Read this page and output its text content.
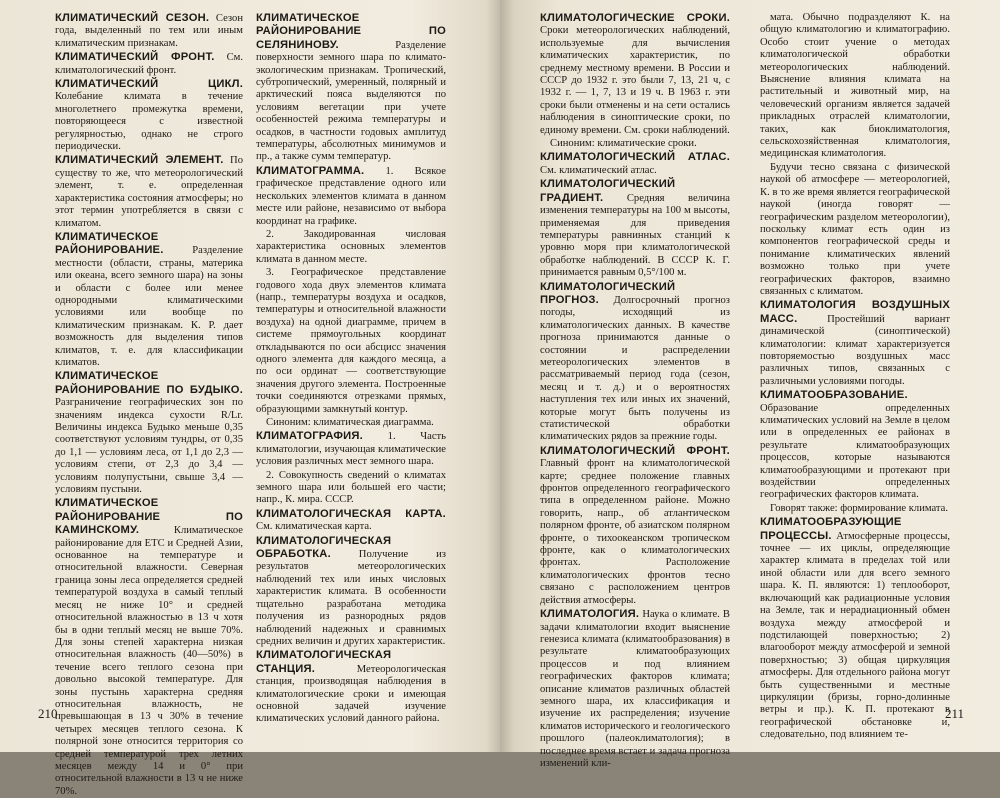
КЛИМАТИЧЕСКИЙ СЕЗОН. Сезон года, выделенный по тем или иным климатическим признакам.

КЛИМАТИЧЕСКИЙ ФРОНТ. См. климатологический фронт.

КЛИМАТИЧЕСКИЙ ЦИКЛ. Колебание климата в течение многолетнего промежутка времени, повторяющееся с известной регулярностью, однако не строго периодически.

КЛИМАТИЧЕСКИЙ ЭЛЕМЕНТ. По существу то же, что метеорологический элемент, т. е. определенная характеристика состояния атмосферы; но этот термин употребляется в связи с климатом.

КЛИМАТИЧЕСКОЕ РАЙОНИРОВАНИЕ. Разделение местности (области, страны, материка или океана, всего земного шара) на зоны и области с более или менее однородными климатическими условиями или вообще по климатическим признакам. К. Р. дает возможность для выделения типов климатов, т. е. для классификации климатов.

КЛИМАТИЧЕСКОЕ РАЙОНИРОВАНИЕ ПО БУДЫКО. Разграничение географических зон по значениям индекса сухости R/Lr. Величины индекса Будыко меньше 0,35 соответствуют условиям тундры, от 0,35 до 1,1 — условиям леса, от 1,1 до 2,3 — условиям степи, от 2,3 до 3,4 — условиям полупустыни, свыше 3,4 — условиям пустыни.

КЛИМАТИЧЕСКОЕ РАЙОНИРОВАНИЕ ПО КАМИНСКОМУ. Климатическое районирование для ЕТС и Средней Азии, основанное на температуре и относительной влажности. Северная граница зоны леса определяется средней температурой воздуха в самый теплый месяц не ниже 10° и средней относительной влажностью в 13 ч хотя бы в одни теплый месяц не выше 70%. Для зоны степей характерна низкая относительная влажность (40—50%) в течение всего теплого сезона при довольно высокой температуре. Для зоны пустынь характерна средняя относительная влажность, не превышающая в 13 ч 30% в течение четырех месяцев теплого сезона. К полярной зоне относится территория со средней температурой трех летних месяцев между 14 и 0° при относительной влажности в 13 ч не ниже 70%.

КЛИМАТИЧЕСКОЕ РАЙОНИРОВАНИЕ ПО СЕЛЯНИНОВУ. Разделение поверхности земного шара по климато-экологическим признакам. Тропический, субтропический, умеренный, полярный и арктический пояса выделяются по условиям вегетации при учете особенностей режима температуры и осадков, в частности годовых амплитуд температуры, абсолютных минимумов и пр., а также сумм температур.

КЛИМАТОГРАММА. 1. Всякое графическое представление одного или нескольких элементов климата в данном месте или районе, независимо от выбора координат на графике.

2. Закодированная числовая характеристика основных элементов климата в данном месте.

3. Географическое представление годового хода двух элементов климата (напр., температуры воздуха и осадков, температуры и относительной влажности воздуха) на одной диаграмме, причем в системе прямоугольных координат откладываются по оси абсцисс значения одного элемента для каждого месяца, а по оси ординат — соответствующие значения другого элемента. Построенные точки соединяются отрезками прямых, образующими замкнутый контур.

Синоним: климатическая диаграмма.

КЛИМАТОГРАФИЯ. 1. Часть климатологии, изучающая климатические условия различных мест земного шара.

2. Совокупность сведений о климатах земного шара или большей его части; напр., К. мира. СССР.

КЛИМАТОЛОГИЧЕСКАЯ КАРТА. См. климатическая карта.

КЛИМАТОЛОГИЧЕСКАЯ ОБРАБОТКА. Получение из результатов метеорологических наблюдений тех или иных числовых характеристик климата. В особенности тщательно разработана методика получения из разнородных рядов наблюдений надежных и сравнимых средних величин и других характеристик.

КЛИМАТОЛОГИЧЕСКАЯ СТАНЦИЯ. Метеорологическая станция, производящая наблюдения в климатологические сроки и имеющая основной задачей изучение климатических условий данного района.

210

КЛИМАТОЛОГИЧЕСКИЕ СРОКИ. Сроки метеорологических наблюдений, используемые для вычисления климатических характеристик, по среднему местному времени. В России и СССР до 1932 г. это были 7, 13, 21 ч, с 1932 г. — 1, 7, 13 и 19 ч. В 1963 г. эти сроки были отменены и на сети остались наблюдения в синоптические сроки, по единому времени. См. сроки наблюдений.

Синоним: климатические сроки.

КЛИМАТОЛОГИЧЕСКИЙ АТЛАС. См. климатический атлас.

КЛИМАТОЛОГИЧЕСКИЙ ГРАДИЕНТ. Средняя величина изменения температуры на 100 м высоты, применяемая для приведения температуры равнинных станций к уровню моря при климатологической обработке наблюдений. В СССР К. Г. принимается равным 0,5°/100 м.

КЛИМАТОЛОГИЧЕСКИЙ ПРОГНОЗ. Долгосрочный прогноз погоды, исходящий из климатологических данных. В качестве прогноза принимаются данные о состоянии и распределении метеорологических элементов в рассматриваемый период года (сезон, месяц и т. д.) и о вероятностях наступления тех или иных их значений, которые могут быть получены из статистической обработки климатических рядов за прежние годы.

КЛИМАТОЛОГИЧЕСКИЙ ФРОНТ. Главный фронт на климатологической карте; среднее положение главных фронтов определенного географического типа в определенном районе. Можно говорить, напр., об атлантическом полярном фронте, об азиатском полярном фронте, о тихоокеанском тропическом фронте, как о климатологических фронтах. Расположение климатологических фронтов тесно связано с расположением центров действия атмосферы.

КЛИМАТОЛОГИЯ. Наука о климате. В задачи климатологии входит выяснение генезиса климата (климатообразования) в результате климатообразующих процессов и под влиянием географических факторов климата; описание климатов различных областей земного шара, их классификация и изучение их распределения; изучение климатов исторического и геологического прошлого (палеоклиматология); в последнее время встает и задача прогноза изменений кли-

мата. Обычно подразделяют К. на общую климатологию и климатографию. Особо стоит учение о методах климатологической обработки метеорологических наблюдений. Выяснение влияния климата на растительный и животный мир, на человеческий организм является задачей прикладных отраслей климатологии, таких, как биоклиматология, сельскохозяйственная климатология, медицинская климатология.

Будучи тесно связана с физической наукой об атмосфере — метеорологией, К. в то же время является географической наукой (иногда говорят — географическим разделом метеорологии), поскольку климат есть один из компонентов географической среды и понимание климатических явлений возможно только при учете географических факторов, взаимно связанных с климатом.

КЛИМАТОЛОГИЯ ВОЗДУШНЫХ МАСС. Простейший вариант динамической (синоптической) климатологии: климат характеризуется повторяемостью воздушных масс различных типов, связанных с различными условиями погоды.

КЛИМАТООБРАЗОВАНИЕ. Образование определенных климатических условий на Земле в целом или в определенных ее районах в результате климатообразующих процессов, которые называются климатообразующими и протекают при воздействии определенных географических факторов климата.

Говорят также: формирование климата.

КЛИМАТООБРАЗУЮЩИЕ ПРОЦЕССЫ. Атмосферные процессы, точнее — их циклы, определяющие характер климата в пределах той или иной области или для всего земного шара. К. П. являются: 1) теплооборот, включающий как радиационные условия на Земле, так и нерадиационный обмен воздуха между атмосферой и подстилающей поверхностью; 2) влагооборот между атмосферой и земной поверхностью; 3) общая циркуляция атмосферы. Для отдельного района могут быть существенными и местные циркуляции (бризы, горно-долинные ветры и пр.). К. П. протекают в географической обстановке и, следовательно, под влиянием те-

211
